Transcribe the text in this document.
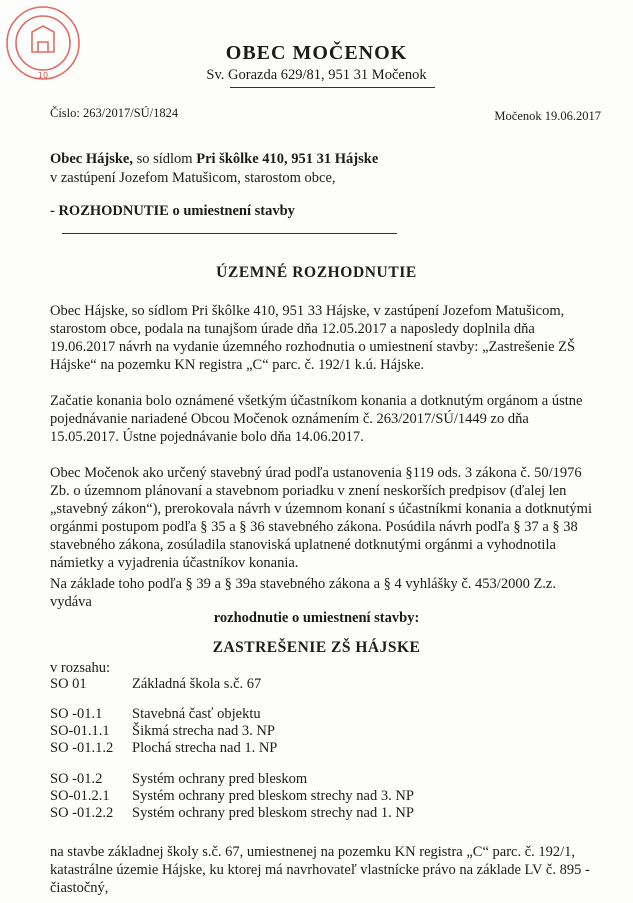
10
OBEC MOČENOK
Sv. Gorazda 629/81, 951 31 Močenok
Číslo: 263/2017/SÚ/1824	Močenok 19.06.2017
Obec Hájske, so sídlom Pri škôlke 410, 951 31 Hájske
v zastúpení Jozefom Matušicom, starostom obce,
- ROZHODNUTIE o umiestnení stavby
ÚZEMNÉ ROZHODNUTIE
Obec Hájske, so sídlom Pri škôlke 410, 951 33 Hájske, v zastúpení Jozefom Matušicom,
starostom obce, podala na tunajšom úrade dňa 12.05.2017 a naposledy doplnila dňa
19.06.2017 návrh na vydanie územného rozhodnutia o umiestnení stavby: „Zastrešenie ZŠ
Hájske“ na pozemku KN registra „C“ parc. č. 192/1 k.ú. Hájske.
Začatie konania bolo oznámené všetkým účastníkom konania a dotknutým orgánom a ústne
pojednávanie nariadené Obcou Močenok oznámením č. 263/2017/SÚ/1449 zo dňa
15.05.2017. Ústne pojednávanie bolo dňa 14.06.2017.
Obec Močenok ako určený stavebný úrad podľa ustanovenia §119 ods. 3 zákona č. 50/1976
Zb. o územnom plánovaní a stavebnom poriadku v znení neskorších predpisov (ďalej len
„stavebný zákon“), prerokovala návrh v územnom konaní s účastníkmi konania a dotknutými
orgánmi postupom podľa § 35 a § 36 stavebného zákona. Posúdila návrh podľa § 37 a § 38
stavebného zákona, zosúladila stanoviská uplatnené dotknutými orgánmi a vyhodnotila
námietky a vyjadrenia účastníkov konania.
Na základe toho podľa § 39 a § 39a stavebného zákona a § 4 vyhlášky č. 453/2000 Z.z.
vydáva
rozhodnutie o umiestnení stavby:
ZASTREŠENIE ZŠ HÁJSKE
v rozsahu:
SO 01	Základná škola s.č. 67
SO -01.1 Stavebná časť objektu
SO-01.1.1 Šikmá strecha nad 3. NP
SO -01.1.2 Plochá strecha nad 1. NP
SO -01.2 Systém ochrany pred bleskom
SO-01.2.1 Systém ochrany pred bleskom strechy nad 3. NP
SO -01.2.2 Systém ochrany pred bleskom strechy nad 1. NP
na stavbe základnej školy s.č. 67, umiestnenej na pozemku KN registra „C“ parc. č. 192/1,
katastrálne územie Hájske, ku ktorej má navrhovateľ vlastnícke právo na základe LV č. 895 -
čiastočný,
